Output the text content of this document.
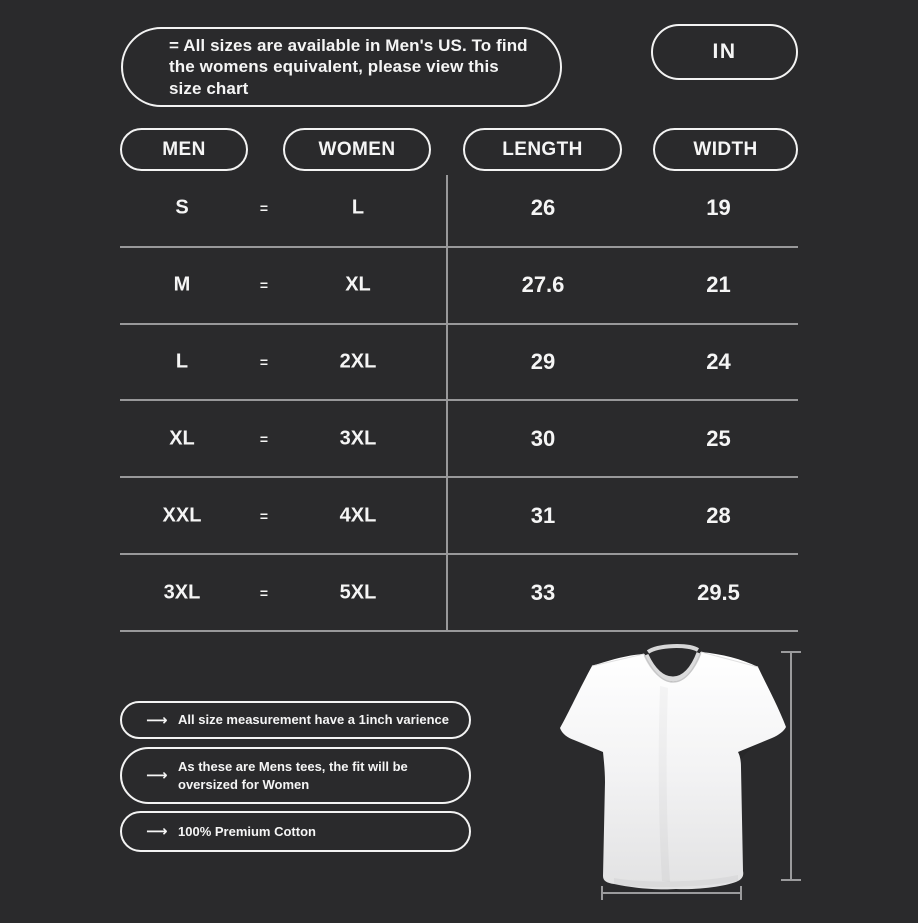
= All sizes are available in Men's US. To find the womens equivalent, please view this size chart
IN
MEN	WOMEN	LENGTH	WIDTH
S	=	L	26	19
M	=	XL	27.6	21
L	=	2XL	29	24
XL	=	3XL	30	25
XXL	=	4XL	31	28
3XL	=	5XL	33	29.5
⟶ All size measurement have a 1inch varience
⟶
As these are Mens tees, the fit will be oversized for Women
⟶ 100% Premium Cotton
